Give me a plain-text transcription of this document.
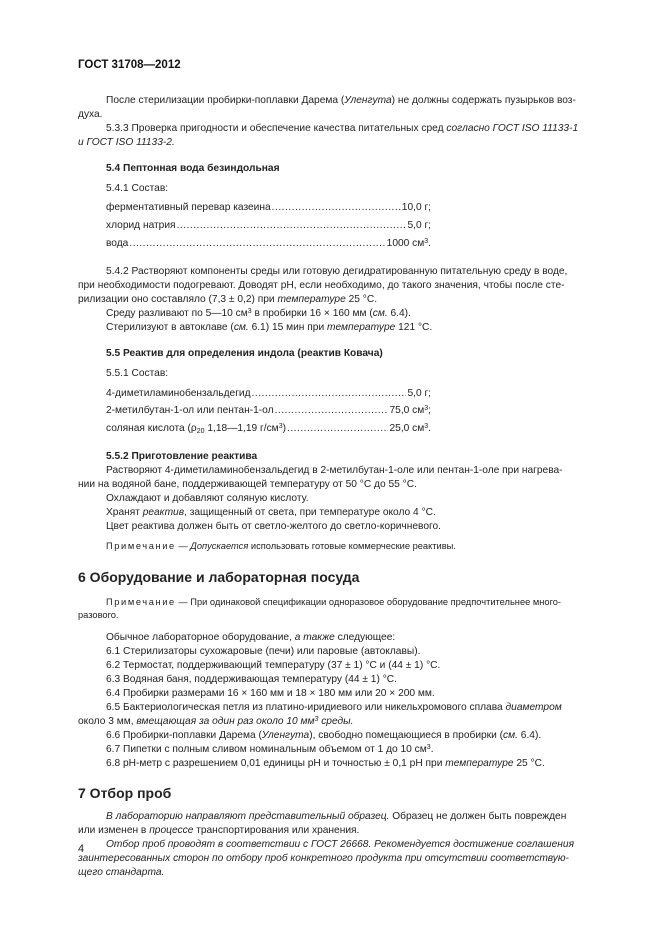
ГОСТ 31708—2012

После стерилизации пробирки-поплавки Дарема (Уленгута) не должны содержать пузырьков воз-

духа.

5.3.3 Проверка пригодности и обеспечение качества питательных сред согласно ГОСТ ISO 11133-1

и ГОСТ ISO 11133-2.

5.4 Пептонная вода безиндольная

5.4.1 Состав:

ферментативный перевар казеина .....	10,0 г;
хлорид натрия .....	5,0 г;
вода .....	1000 $см^3$.

5.4.2 Растворяют компоненты среды или готовую дегидратированную питательную среду в воде,

при необходимости подогревают. Доводят pH, если необходимо, до такого значения, чтобы после сте-

рилизации оно составляло (7,3 ± 0,2) при температуре 25 °С.

Среду разливают по 5—10 $см^3$ в пробирки 16 × 160 мм (см. 6.4).

Стерилизуют в автоклаве (см. 6.1) 15 мин при температуре 121 °С.

5.5 Реактив для определения индола (реактив Ковача)

5.5.1 Состав:

4-диметиламинобензальдегид .....	5,0 г;
2-метилбутан-1-ол или пентан-1-ол .....	75,0 $см^3$;
соляная кислота ($\rho_{20}$ 1,18—1,19 $г/см^3$) .....	25,0 $см^3$.

5.5.2 Приготовление реактива

Растворяют 4-диметиламинобензальдегид в 2-метилбутан-1-оле или пентан-1-оле при нагрева-

нии на водяной бане, поддерживающей температуру от 50 °С до 55 °С.

Охлаждают и добавляют соляную кислоту.

Хранят реактив, защищенный от света, при температуре около 4 °С.

Цвет реактива должен быть от светло-желтого до светло-коричневого.

Примечание — Допускается использовать готовые коммерческие реактивы.

6 Оборудование и лабораторная посуда

Примечание — При одинаковой спецификации одноразовое оборудование предпочтительнее много-

разового.

Обычное лабораторное оборудование, а также следующее:

6.1 Стерилизаторы сухожаровые (печи) или паровые (автоклавы).

6.2 Термостат, поддерживающий температуру (37 ± 1) °С и (44 ± 1) °С.

6.3 Водяная баня, поддерживающая температуру (44 ± 1) °С.

6.4 Пробирки размерами 16 × 160 мм и 18 × 180 мм или 20 × 200 мм.

6.5 Бактериологическая петля из платино-иридиевого или никельхромового сплава диаметром

около 3 мм, вмещающая за один раз около 10 $мм^3$ среды.

6.6 Пробирки-поплавки Дарема (Уленгута), свободно помещающиеся в пробирки (см. 6.4).

6.7 Пипетки с полным сливом номинальным объемом от 1 до 10 $см^3$.

6.8 pH-метр с разрешением 0,01 единицы pH и точностью ± 0,1 pH при температуре 25 °С.

7 Отбор проб

В лабораторию направляют представительный образец. Образец не должен быть поврежден

или изменен в процессе транспортирования или хранения.

Отбор проб проводят в соответствии с ГОСТ 26668. Рекомендуется достижение соглашения

заинтересованных сторон по отбору проб конкретного продукта при отсутствии соответствую-

щего стандарта.

4
